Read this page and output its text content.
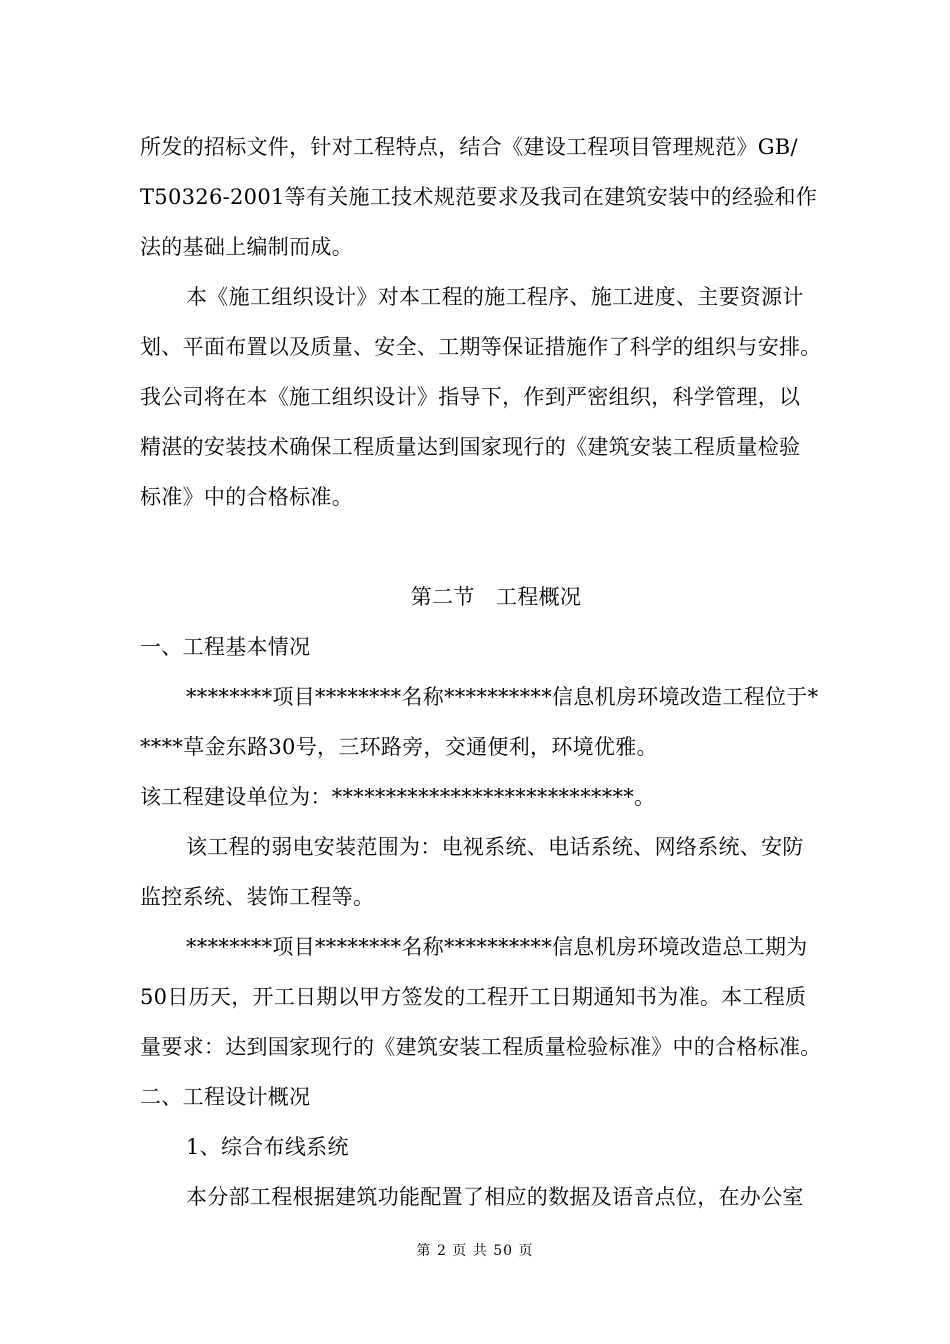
所发的招标文件，针对工程特点，结合《建设工程项目管理规范》GB/
T50326-2001等有关施工技术规范要求及我司在建筑安装中的经验和作
法的基础上编制而成。
本《施工组织设计》对本工程的施工程序、施工进度、主要资源计
划、平面布置以及质量、安全、工期等保证措施作了科学的组织与安排。
我公司将在本《施工组织设计》指导下，作到严密组织，科学管理，以
精湛的安装技术确保工程质量达到国家现行的《建筑安装工程质量检验
标准》中的合格标准。
第二节　工程概况
一、工程基本情况
********项目********名称**********信息机房环境改造工程位于*
****草金东路30号，三环路旁，交通便利，环境优雅。
该工程建设单位为：****************************。
该工程的弱电安装范围为：电视系统、电话系统、网络系统、安防
监控系统、装饰工程等。
********项目********名称**********信息机房环境改造总工期为
50日历天，开工日期以甲方签发的工程开工日期通知书为准。本工程质
量要求：达到国家现行的《建筑安装工程质量检验标准》中的合格标准。
二、工程设计概况
1、综合布线系统
本分部工程根据建筑功能配置了相应的数据及语音点位，在办公室
第 2 页 共 50 页
